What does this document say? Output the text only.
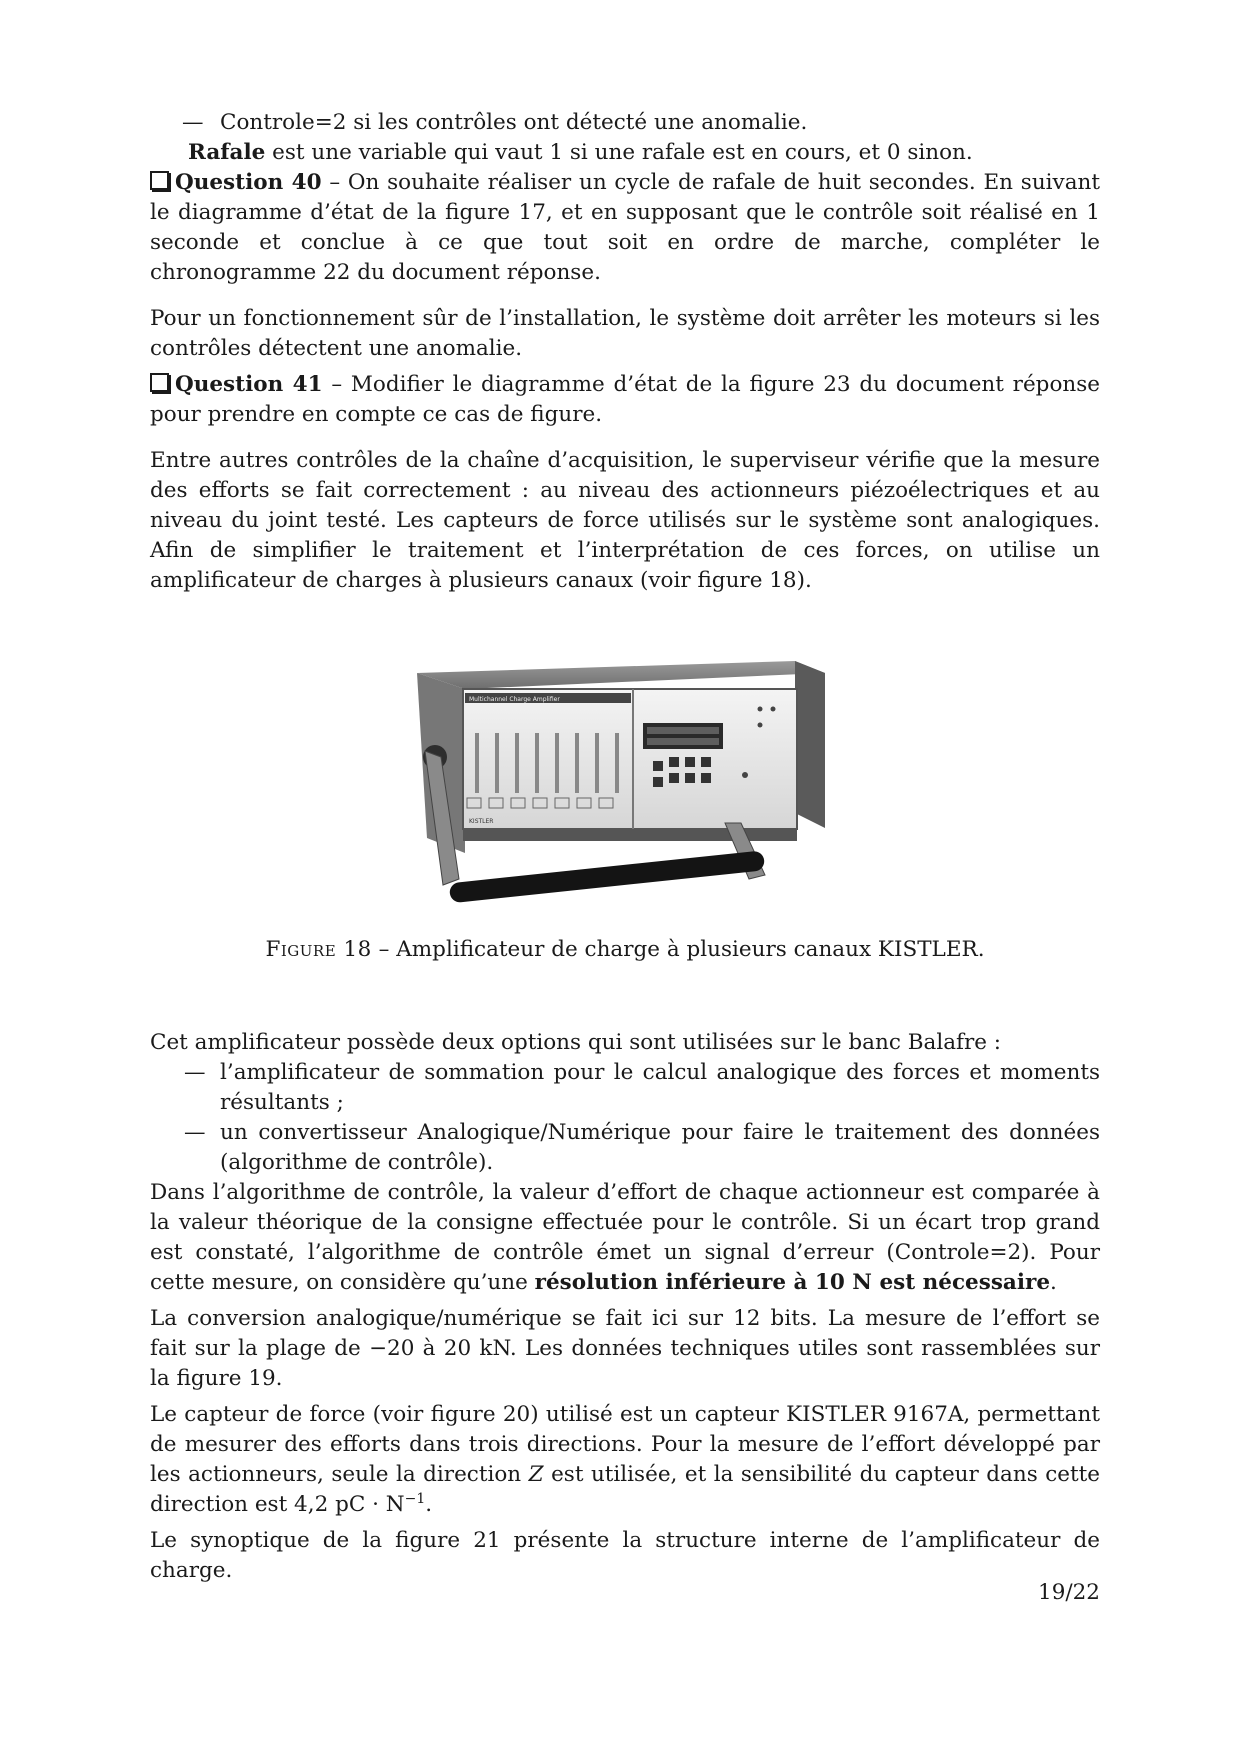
— Controle=2 si les contrôles ont détecté une anomalie.

Rafale est une variable qui vaut 1 si une rafale est en cours, et 0 sinon.

Question 40 – On souhaite réaliser un cycle de rafale de huit secondes. En suivant le diagramme d’état de la figure 17, et en supposant que le contrôle soit réalisé en 1 seconde et conclue à ce que tout soit en ordre de marche, compléter le chronogramme 22 du document réponse.

Pour un fonctionnement sûr de l’installation, le système doit arrêter les moteurs si les contrôles détectent une anomalie.

Question 41 – Modifier le diagramme d’état de la figure 23 du document réponse pour prendre en compte ce cas de figure.

Entre autres contrôles de la chaîne d’acquisition, le superviseur vérifie que la mesure des efforts se fait correctement : au niveau des actionneurs piézoélectriques et au niveau du joint testé. Les capteurs de force utilisés sur le système sont analogiques. Afin de simplifier le traitement et l’interprétation de ces forces, on utilise un amplificateur de charges à plusieurs canaux (voir figure 18).

Multichannel Charge Amplifier
KISTLER

Figure 18 – Amplificateur de charge à plusieurs canaux KISTLER.

Cet amplificateur possède deux options qui sont utilisées sur le banc Balafre :

— l’amplificateur de sommation pour le calcul analogique des forces et moments résultants ;

— un convertisseur Analogique/Numérique pour faire le traitement des données (algorithme de contrôle).

Dans l’algorithme de contrôle, la valeur d’effort de chaque actionneur est comparée à la valeur théorique de la consigne effectuée pour le contrôle. Si un écart trop grand est constaté, l’algorithme de contrôle émet un signal d’erreur (Controle=2). Pour cette mesure, on considère qu’une résolution inférieure à 10 N est nécessaire.

La conversion analogique/numérique se fait ici sur 12 bits. La mesure de l’effort se fait sur la plage de −20 à 20 kN. Les données techniques utiles sont rassemblées sur la figure 19.

Le capteur de force (voir figure 20) utilisé est un capteur KISTLER 9167A, permettant de mesurer des efforts dans trois directions. Pour la mesure de l’effort développé par les actionneurs, seule la direction Z est utilisée, et la sensibilité du capteur dans cette direction est 4,2 pC · $N^{-1}$.

Le synoptique de la figure 21 présente la structure interne de l’amplificateur de charge.

19/22
